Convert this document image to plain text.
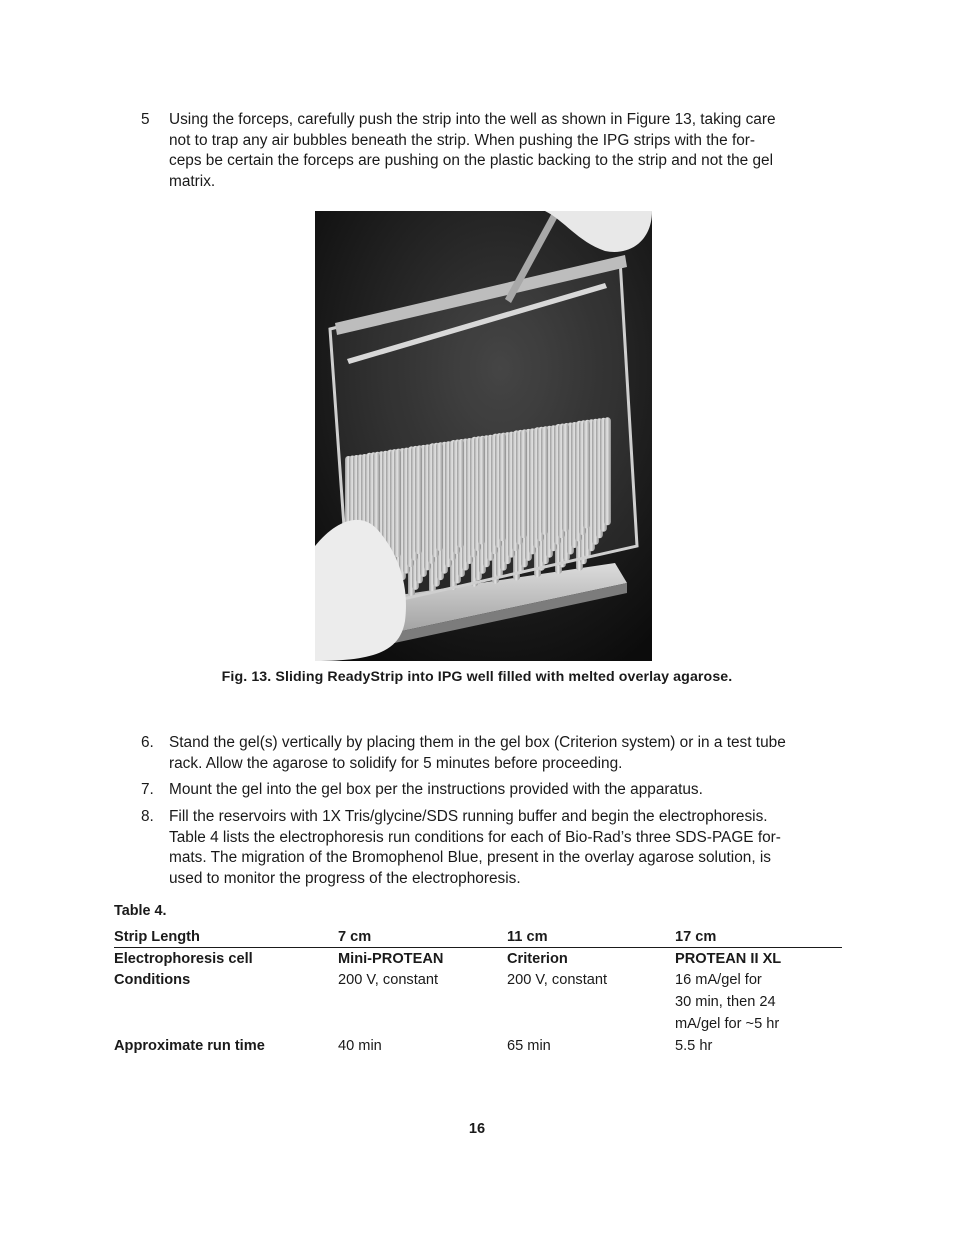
5 Using the forceps, carefully push the strip into the well as shown in Figure 13, taking care
not to trap any air bubbles beneath the strip. When pushing the IPG strips with the for-
ceps be certain the forceps are pushing on the plastic backing to the strip and not the gel
matrix.
Fig. 13. Sliding ReadyStrip into IPG well filled with melted overlay agarose.
6. Stand the gel(s) vertically by placing them in the gel box (Criterion system) or in a test tube
rack. Allow the agarose to solidify for 5 minutes before proceeding.
7. Mount the gel into the gel box per the instructions provided with the apparatus.
8. Fill the reservoirs with 1X Tris/glycine/SDS running buffer and begin the electrophoresis.
Table 4 lists the electrophoresis run conditions for each of Bio-Rad’s three SDS-PAGE for-
mats. The migration of the Bromophenol Blue, present in the overlay agarose solution, is
used to monitor the progress of the electrophoresis.
Table 4.
Strip Length	7 cm	11 cm	17 cm
Electrophoresis cell	Mini-PROTEAN	Criterion	PROTEAN II XL
Conditions	200 V, constant	200 V, constant	16 mA/gel for
30 min, then 24
mA/gel for ~5 hr
Approximate run time	40 min	65 min	5.5 hr
16
